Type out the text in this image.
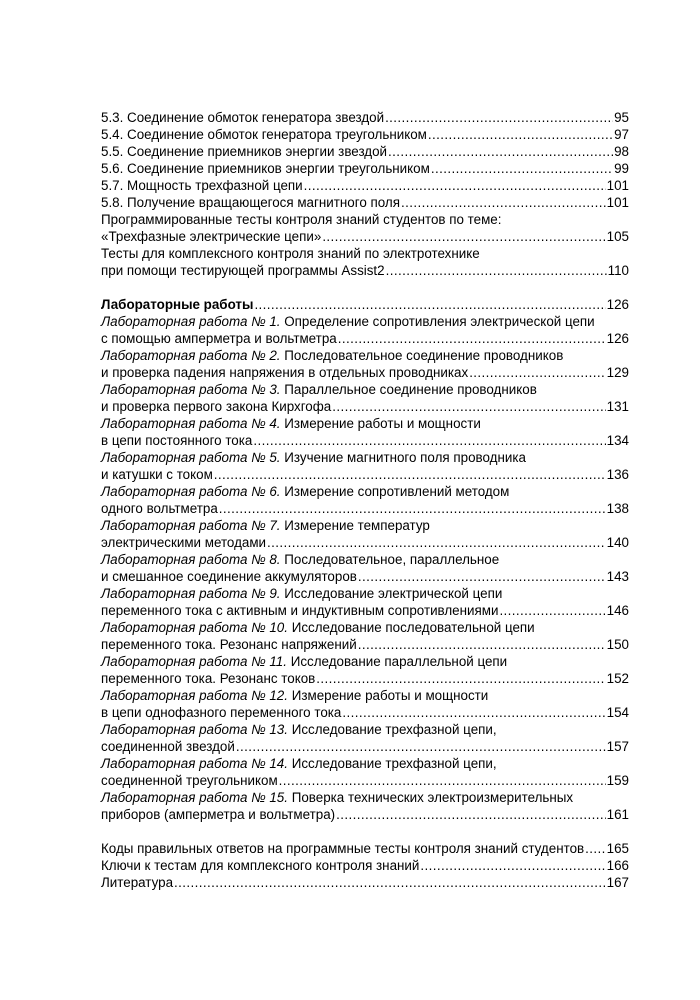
5.3. Соединение обмоток генератора звездой .....	95
5.4. Соединение обмоток генератора треугольником .....	97
5.5. Соединение приемников энергии звездой .....	98
5.6. Соединение приемников энергии треугольником .....	99
5.7. Мощность трехфазной цепи .....	101
5.8. Получение вращающегося магнитного поля .....	101
Программированные тесты контроля знаний студентов по теме:
«Трехфазные электрические цепи» .....	105
Тесты для комплексного контроля знаний по электротехнике
при помощи тестирующей программы Assist2 .....	110
Лабораторные работы .....	126
Лабораторная работа № 1. Определение сопротивления электрической цепи
с помощью амперметра и вольтметра .....	126
Лабораторная работа № 2. Последовательное соединение проводников
и проверка падения напряжения в отдельных проводниках .....	129
Лабораторная работа № 3. Параллельное соединение проводников
и проверка первого закона Кирхгофа .....	131
Лабораторная работа № 4. Измерение работы и мощности
в цепи постоянного тока .....	134
Лабораторная работа № 5. Изучение магнитного поля проводника
и катушки с током .....	136
Лабораторная работа № 6. Измерение сопротивлений методом
одного вольтметра .....	138
Лабораторная работа № 7. Измерение температур
электрическими методами .....	140
Лабораторная работа № 8. Последовательное, параллельное
и смешанное соединение аккумуляторов .....	143
Лабораторная работа № 9. Исследование электрической цепи
переменного тока с активным и индуктивным сопротивлениями .....	146
Лабораторная работа № 10. Исследование последовательной цепи
переменного тока. Резонанс напряжений .....	150
Лабораторная работа № 11. Исследование параллельной цепи
переменного тока. Резонанс токов .....	152
Лабораторная работа № 12. Измерение работы и мощности
в цепи однофазного переменного тока .....	154
Лабораторная работа № 13. Исследование трехфазной цепи,
соединенной звездой .....	157
Лабораторная работа № 14. Исследование трехфазной цепи,
соединенной треугольником .....	159
Лабораторная работа № 15. Поверка технических электроизмерительных
приборов (амперметра и вольтметра) .....	161
Коды правильных ответов на программные тесты контроля знаний студентов ..... 165
Ключи к тестам для комплексного контроля знаний .....	166
Литература .....	167
